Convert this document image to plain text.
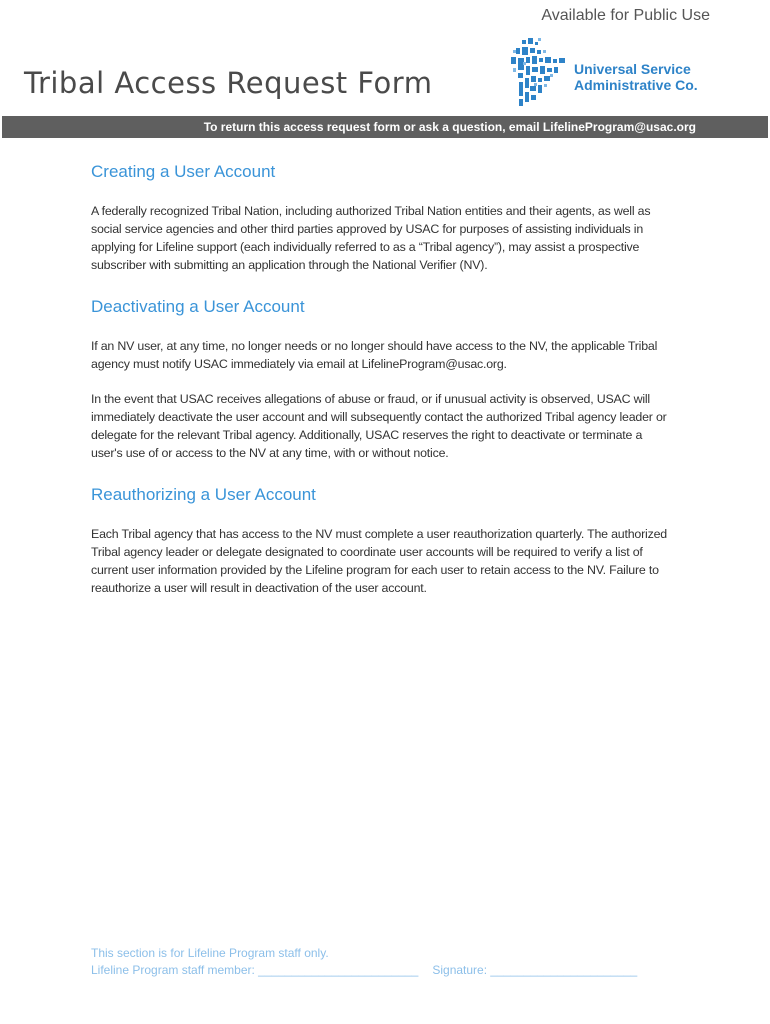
Available for Public Use
Tribal Access Request Form	Universal Service
Administrative Co.
To return this access request form or ask a question, email LifelineProgram@usac.org
Creating a User Account

A federally recognized Tribal Nation, including authorized Tribal Nation entities and their agents, as well as social service agencies and other third parties approved by USAC for purposes of assisting individuals in applying for Lifeline support (each individually referred to as a “Tribal agency”), may assist a prospective subscriber with submitting an application through the National Verifier (NV).

Deactivating a User Account

If an NV user, at any time, no longer needs or no longer should have access to the NV, the applicable Tribal agency must notify USAC immediately via email at LifelineProgram@usac.org.

In the event that USAC receives allegations of abuse or fraud, or if unusual activity is observed, USAC will immediately deactivate the user account and will subsequently contact the authorized Tribal agency leader or delegate for the relevant Tribal agency. Additionally, USAC reserves the right to deactivate or terminate a user's use of or access to the NV at any time, with or without notice.

Reauthorizing a User Account

Each Tribal agency that has access to the NV must complete a user reauthorization quarterly. The authorized Tribal agency leader or delegate designated to coordinate user accounts will be required to verify a list of current user information provided by the Lifeline program for each user to retain access to the NV. Failure to reauthorize a user will result in deactivation of the user account.

This section is for Lifeline Program staff only.
Lifeline Program staff member: ________________________ Signature: ______________________
